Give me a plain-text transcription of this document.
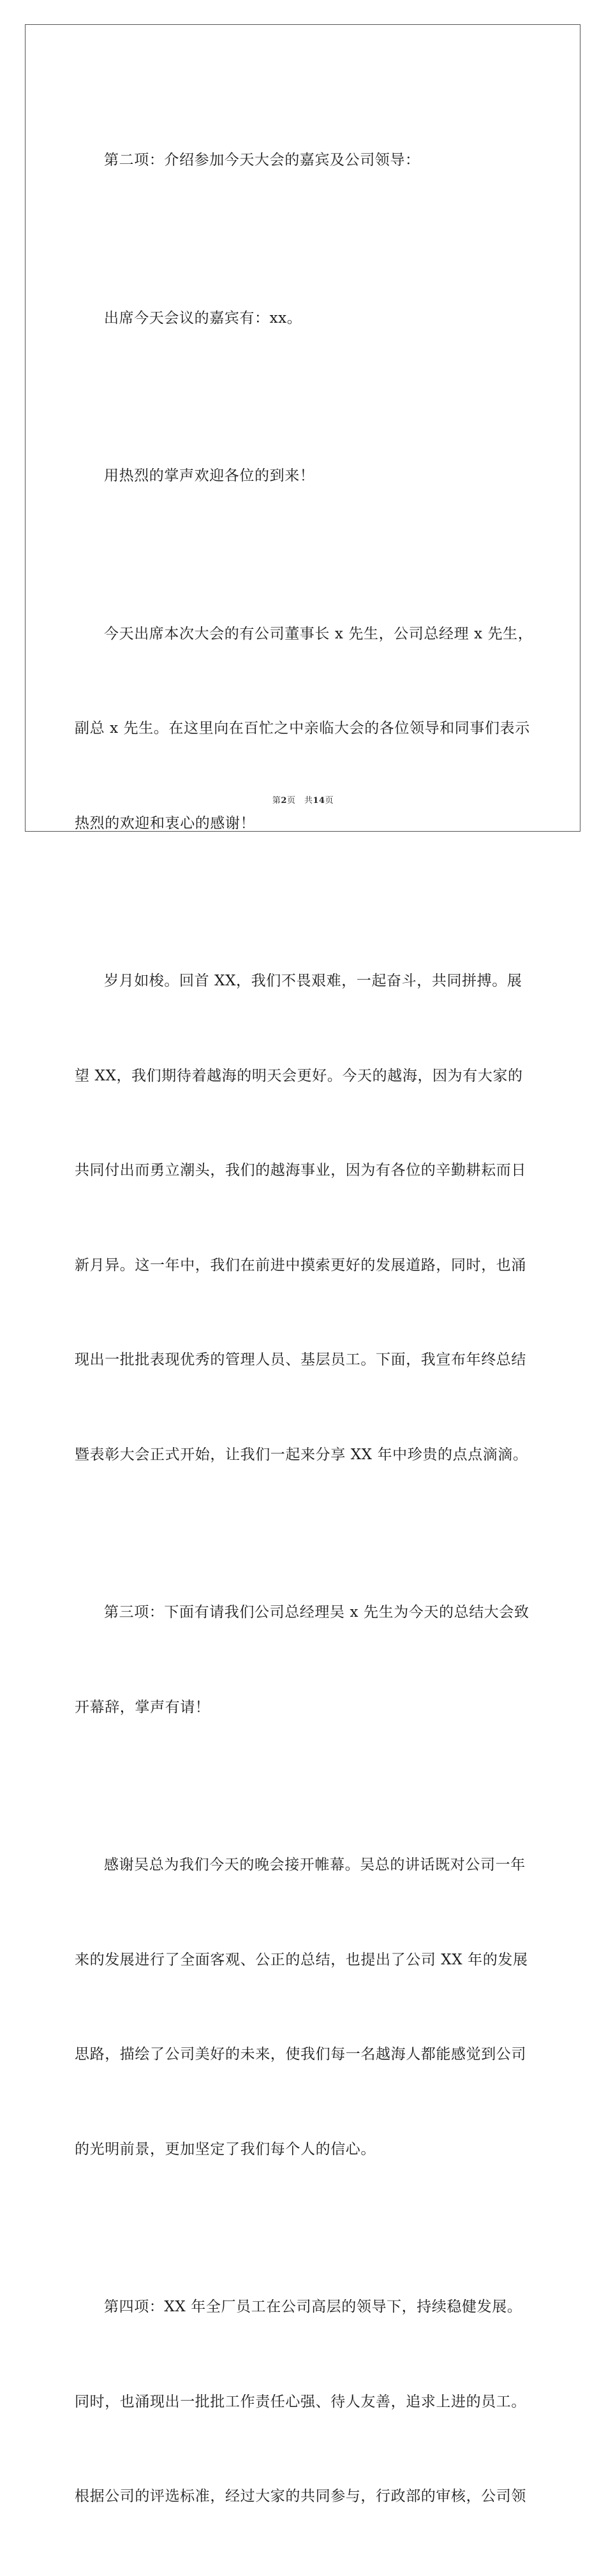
第二项：介绍参加今天大会的嘉宾及公司领导：

出席今天会议的嘉宾有：xx。

用热烈的掌声欢迎各位的到来！

今天出席本次大会的有公司董事长 x 先生，公司总经理 x 先生，

副总 x 先生。在这里向在百忙之中亲临大会的各位领导和同事们表示

热烈的欢迎和衷心的感谢！

岁月如梭。回首 XX，我们不畏艰难，一起奋斗，共同拼搏。展

望 XX，我们期待着越海的明天会更好。今天的越海，因为有大家的

共同付出而勇立潮头，我们的越海事业，因为有各位的辛勤耕耘而日

新月异。这一年中，我们在前进中摸索更好的发展道路，同时，也涌

现出一批批表现优秀的管理人员、基层员工。下面，我宣布年终总结

暨表彰大会正式开始，让我们一起来分享 XX 年中珍贵的点点滴滴。

第三项：下面有请我们公司总经理吴 x 先生为今天的总结大会致

开幕辞，掌声有请！

感谢吴总为我们今天的晚会接开帷幕。吴总的讲话既对公司一年

来的发展进行了全面客观、公正的总结，也提出了公司 XX 年的发展

思路，描绘了公司美好的未来，使我们每一名越海人都能感觉到公司

的光明前景，更加坚定了我们每个人的信心。

第四项：XX 年全厂员工在公司高层的领导下，持续稳健发展。

同时，也涌现出一批批工作责任心强、待人友善，追求上进的员工。

根据公司的评选标准，经过大家的共同参与，行政部的审核，公司领

第2页　共14页
